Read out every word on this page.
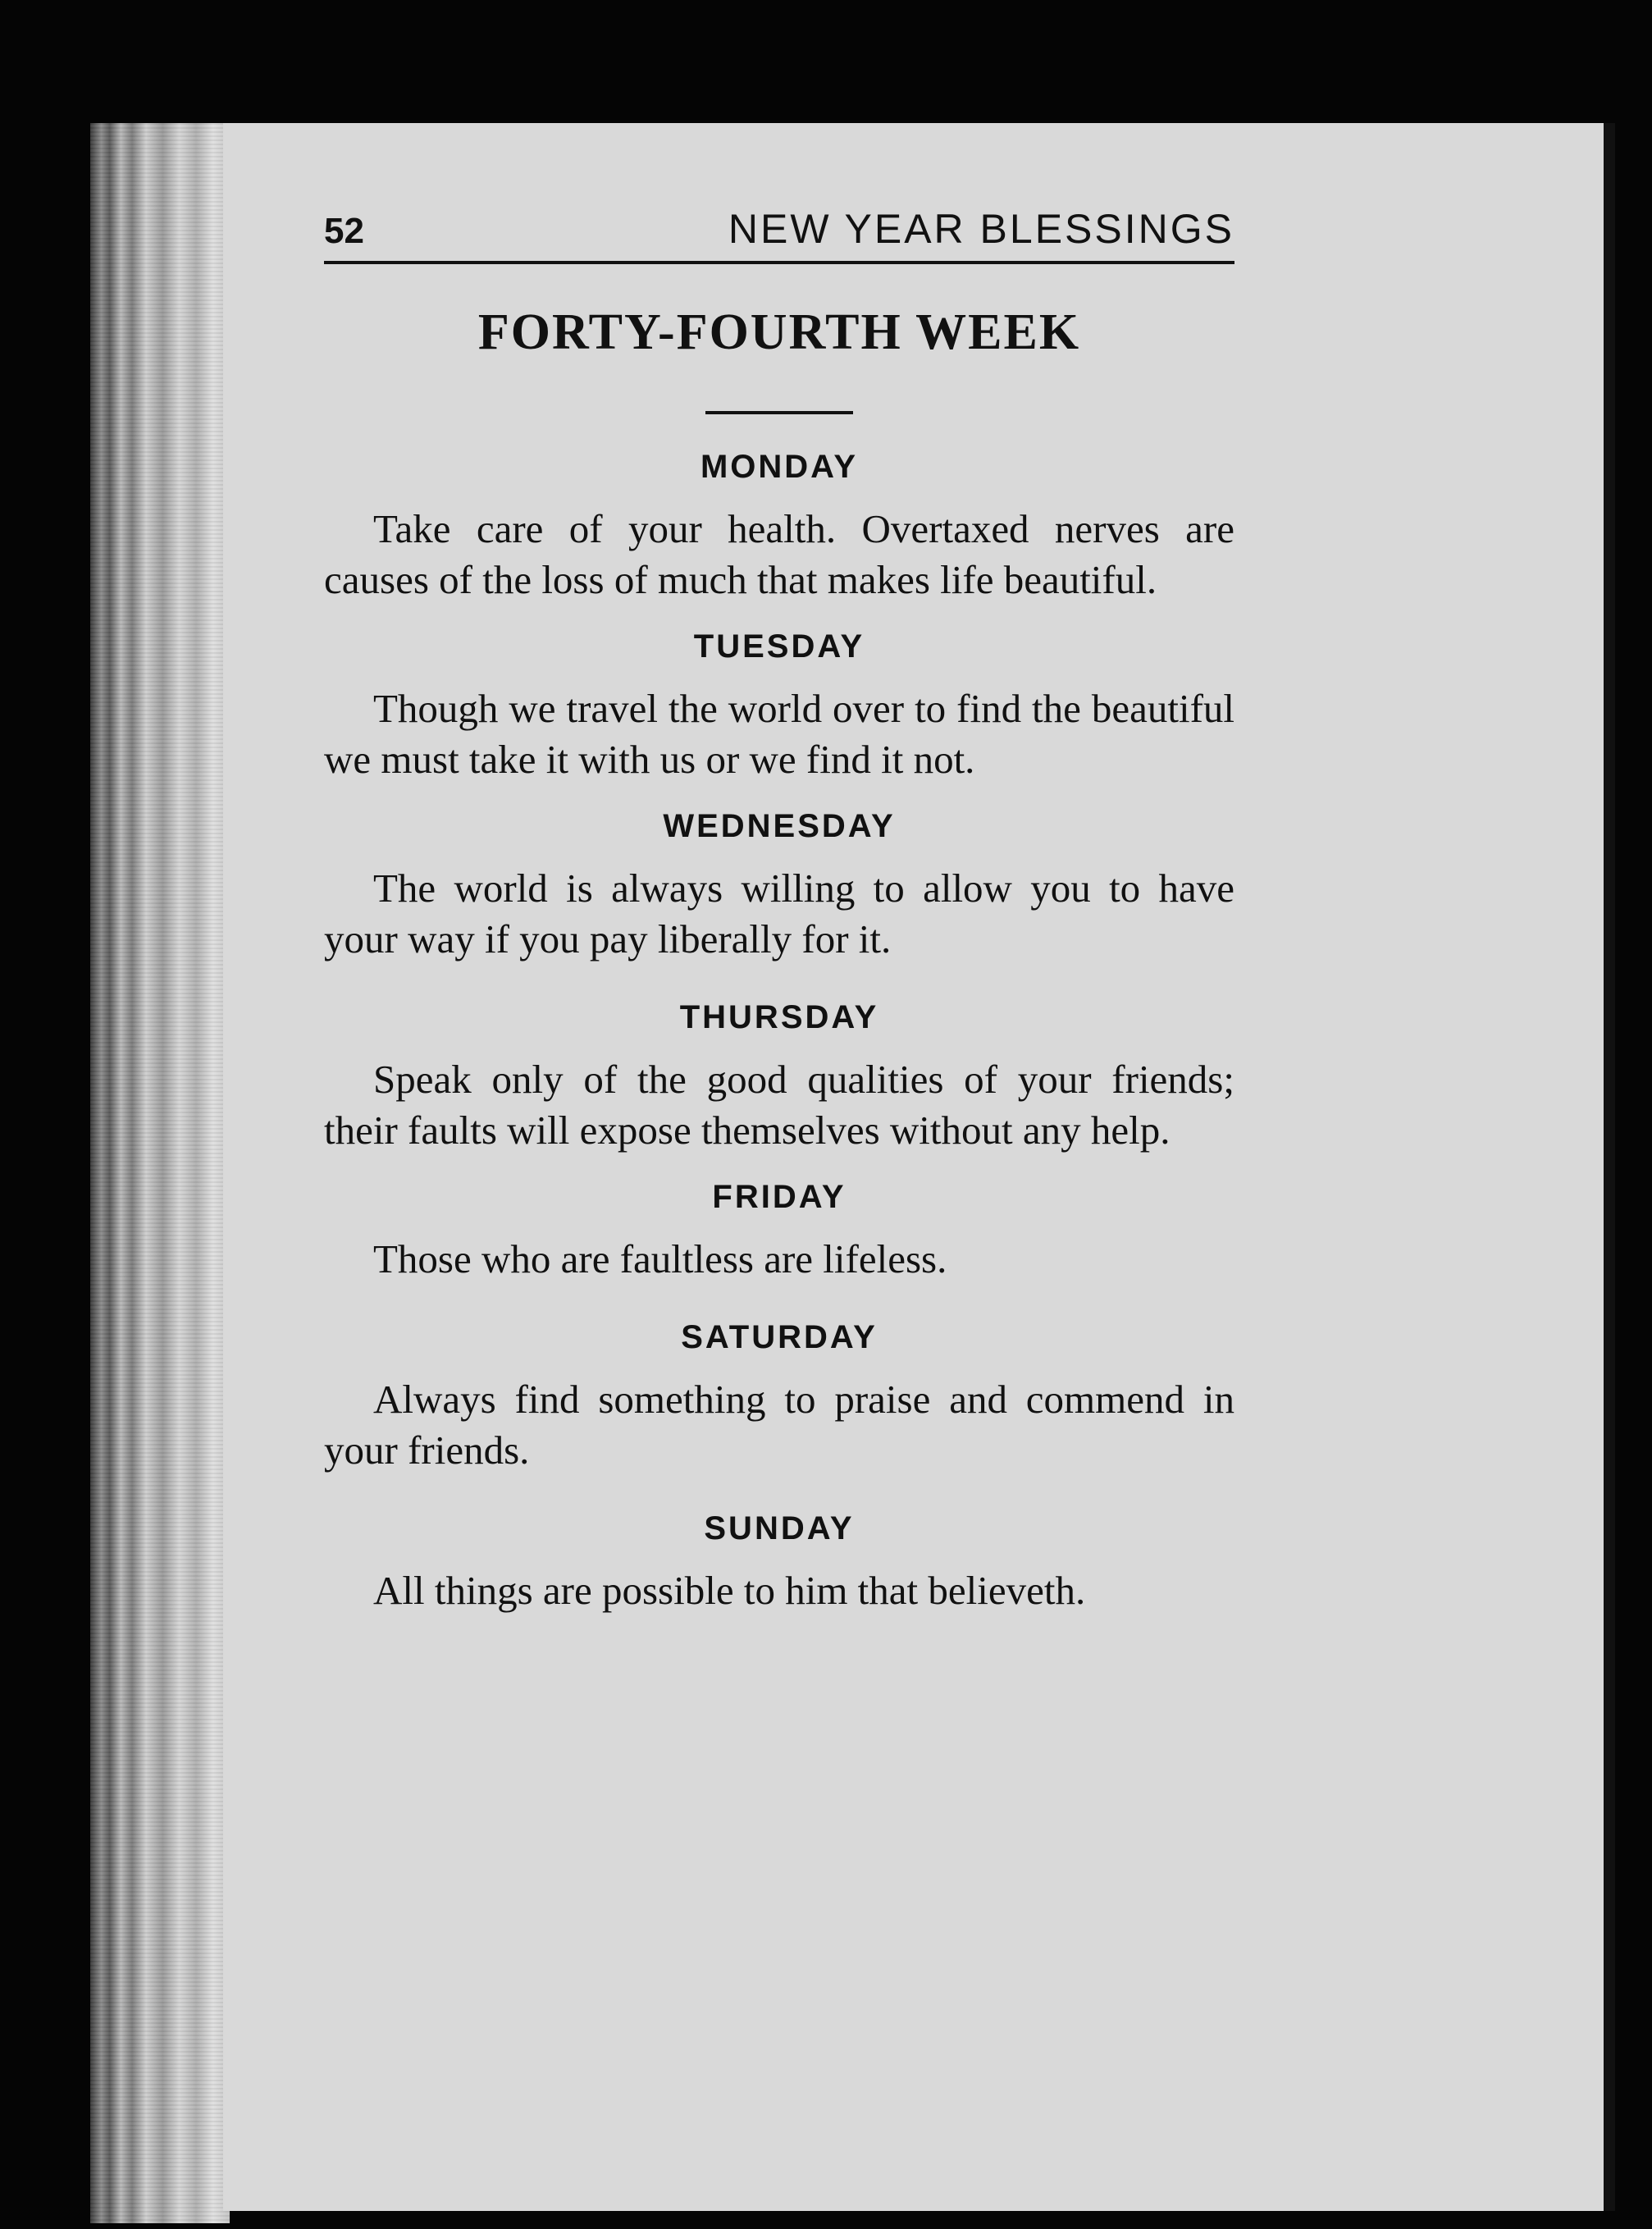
52	NEW YEAR BLESSINGS
FORTY-FOURTH WEEK
MONDAY

Take care of your health. Overtaxed nerves are causes of the loss of much that makes life beautiful.

TUESDAY

Though we travel the world over to find the beautiful we must take it with us or we find it not.

WEDNESDAY

The world is always willing to allow you to have your way if you pay liberally for it.

THURSDAY

Speak only of the good qualities of your friends; their faults will expose themselves without any help.

FRIDAY

Those who are faultless are lifeless.

SATURDAY

Always find something to praise and commend in your friends.

SUNDAY

All things are possible to him that believeth.
